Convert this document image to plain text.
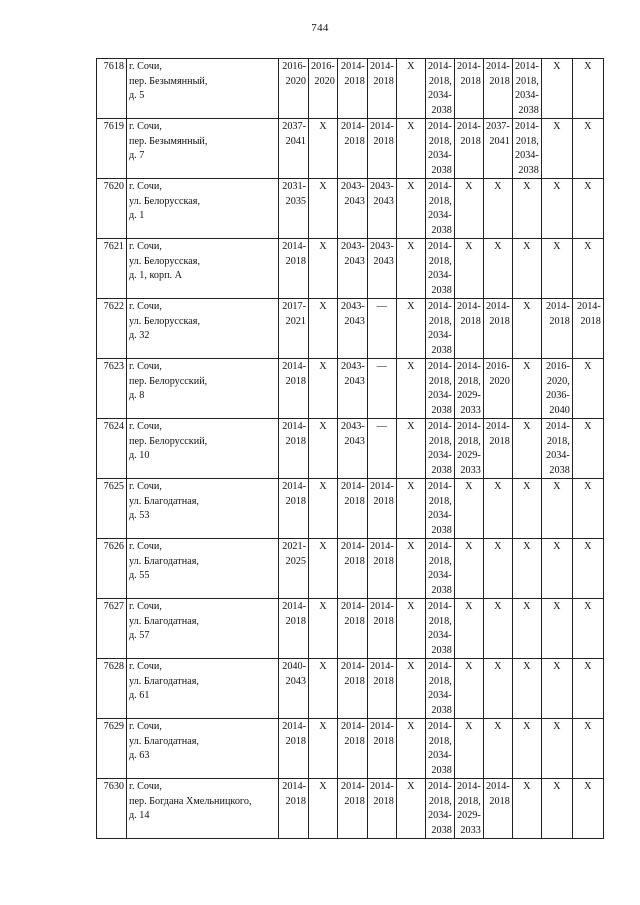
744
7618	г. Сочи,
пер. Безымянный,
д. 5	2016-
2020	2016-
2020	2014-
2018	2014-
2018	X	2014-
2018,
2034-
2038	2014-
2018	2014-
2018	2014-
2018,
2034-
2038	X	X

7619	г. Сочи,
пер. Безымянный,
д. 7	2037-
2041	X	2014-
2018	2014-
2018	X	2014-
2018,
2034-
2038	2014-
2018	2037-
2041	2014-
2018,
2034-
2038	X	X

7620	г. Сочи,
ул. Белорусская,
д. 1	2031-
2035	X	2043-
2043	2043-
2043	X	2014-
2018,
2034-
2038	X	X	X	X	X

7621	г. Сочи,
ул. Белорусская,
д. 1, корп. А	2014-
2018	X	2043-
2043	2043-
2043	X	2014-
2018,
2034-
2038	X	X	X	X	X

7622	г. Сочи,
ул. Белорусская,
д. 32	2017-
2021	X	2043-
2043	—	X	2014-
2018,
2034-
2038	2014-
2018	2014-
2018	X	2014-
2018	2014-
2018

7623	г. Сочи,
пер. Белорусский,
д. 8	2014-
2018	X	2043-
2043	—	X	2014-
2018,
2034-
2038	2014-
2018,
2029-
2033	2016-
2020	X	2016-
2020,
2036-
2040	X

7624	г. Сочи,
пер. Белорусский,
д. 10	2014-
2018	X	2043-
2043	—	X	2014-
2018,
2034-
2038	2014-
2018,
2029-
2033	2014-
2018	X	2014-
2018,
2034-
2038	X

7625	г. Сочи,
ул. Благодатная,
д. 53	2014-
2018	X	2014-
2018	2014-
2018	X	2014-
2018,
2034-
2038	X	X	X	X	X

7626	г. Сочи,
ул. Благодатная,
д. 55	2021-
2025	X	2014-
2018	2014-
2018	X	2014-
2018,
2034-
2038	X	X	X	X	X

7627	г. Сочи,
ул. Благодатная,
д. 57	2014-
2018	X	2014-
2018	2014-
2018	X	2014-
2018,
2034-
2038	X	X	X	X	X

7628	г. Сочи,
ул. Благодатная,
д. 61	2040-
2043	X	2014-
2018	2014-
2018	X	2014-
2018,
2034-
2038	X	X	X	X	X

7629	г. Сочи,
ул. Благодатная,
д. 63	2014-
2018	X	2014-
2018	2014-
2018	X	2014-
2018,
2034-
2038	X	X	X	X	X

7630	г. Сочи,
пер. Богдана Хмельницкого,
д. 14	2014-
2018	X	2014-
2018	2014-
2018	X	2014-
2018,
2034-
2038	2014-
2018,
2029-
2033	2014-
2018	X	X	X
